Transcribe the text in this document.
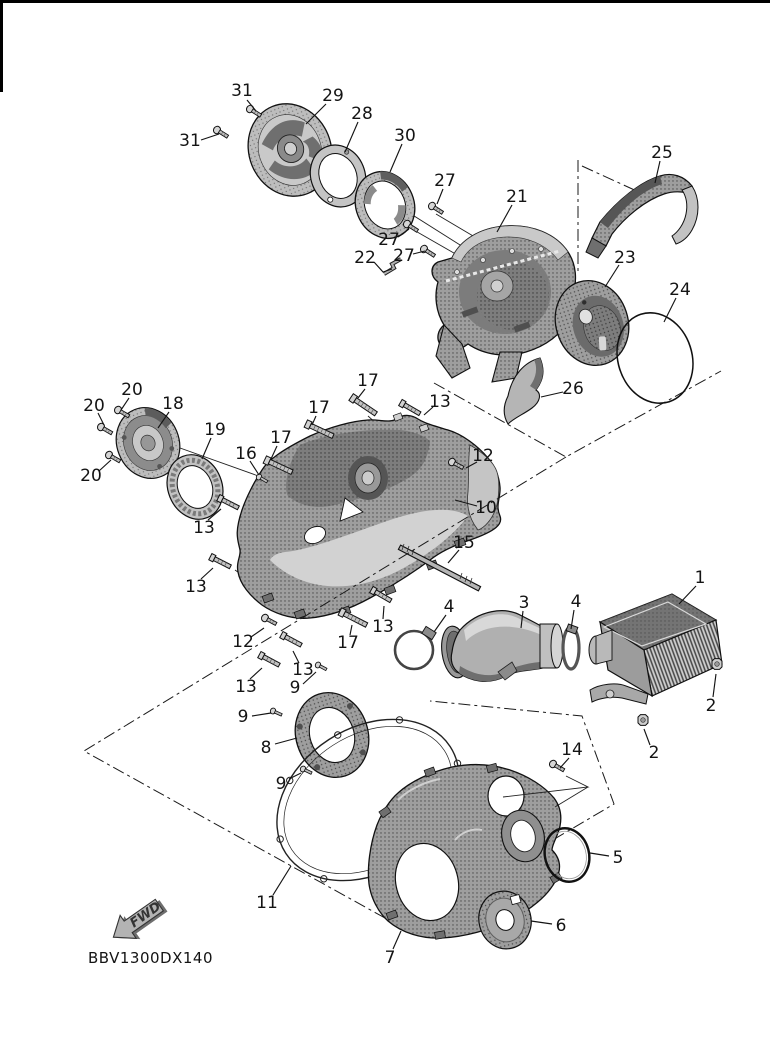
FWD
BBV1300DX140
31
31
29
28
30
27
27
27
22
21
25
23
24
26
20
20
20
18
19
16
17
17
17
17
13
13
13
13
13
13
12
12
10
15
9
9
9
8
11
7
6
5
14
2
2
1
3
4	4
